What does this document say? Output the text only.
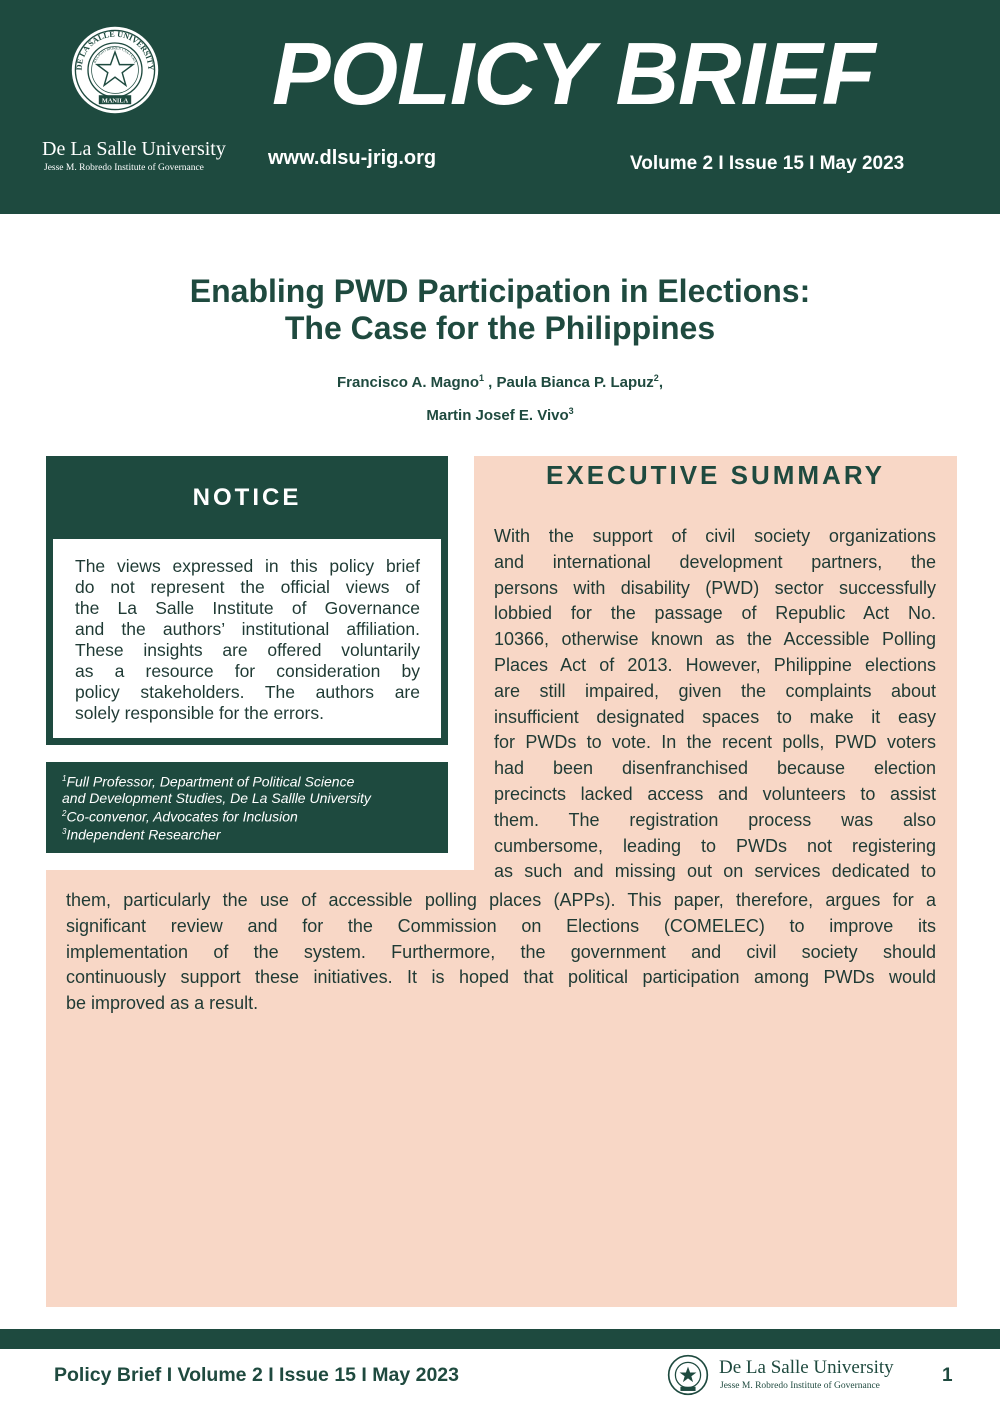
DE LA SALLE UNIVERSITY
RELIGIO MORES CULTURA
MANILA
De La Salle University
Jesse M. Robredo Institute of Governance
POLICY BRIEF
www.dlsu-jrig.org	Volume 2 I Issue 15 I May 2023
Enabling PWD Participation in Elections:
The Case for the Philippines
Francisco A. Magno$^1$ , Paula Bianca P. Lapuz$^2$,
Martin Josef E. Vivo$^3$
EXECUTIVE SUMMARY
NOTICE
The views expressed in this policy brief
do not represent the official views of
the La Salle Institute of Governance
and the authors’ institutional affiliation.
These insights are offered voluntarily
as a resource for consideration by
policy stakeholders. The authors are
solely responsible for the errors.
$^1$Full Professor, Department of Political Science
and Development Studies, De La Sallle University
$^2$Co-convenor, Advocates for Inclusion
$^3$Independent Researcher
With the support of civil society organizations
and international development partners, the
persons with disability (PWD) sector successfully
lobbied for the passage of Republic Act No.
10366, otherwise known as the Accessible Polling
Places Act of 2013. However, Philippine elections
are still impaired, given the complaints about
insufficient designated spaces to make it easy
for PWDs to vote. In the recent polls, PWD voters
had been disenfranchised because election
precincts lacked access and volunteers to assist
them. The registration process was also
cumbersome, leading to PWDs not registering
as such and missing out on services dedicated to
them, particularly the use of accessible polling places (APPs). This paper, therefore, argues for a
significant review and for the Commission on Elections (COMELEC) to improve its
implementation of the system. Furthermore, the government and civil society should
continuously support these initiatives. It is hoped that political participation among PWDs would
be improved as a result.
Policy Brief I Volume 2 I Issue 15 I May 2023	De La Salle University
Jesse M. Robredo Institute of Governance	1
